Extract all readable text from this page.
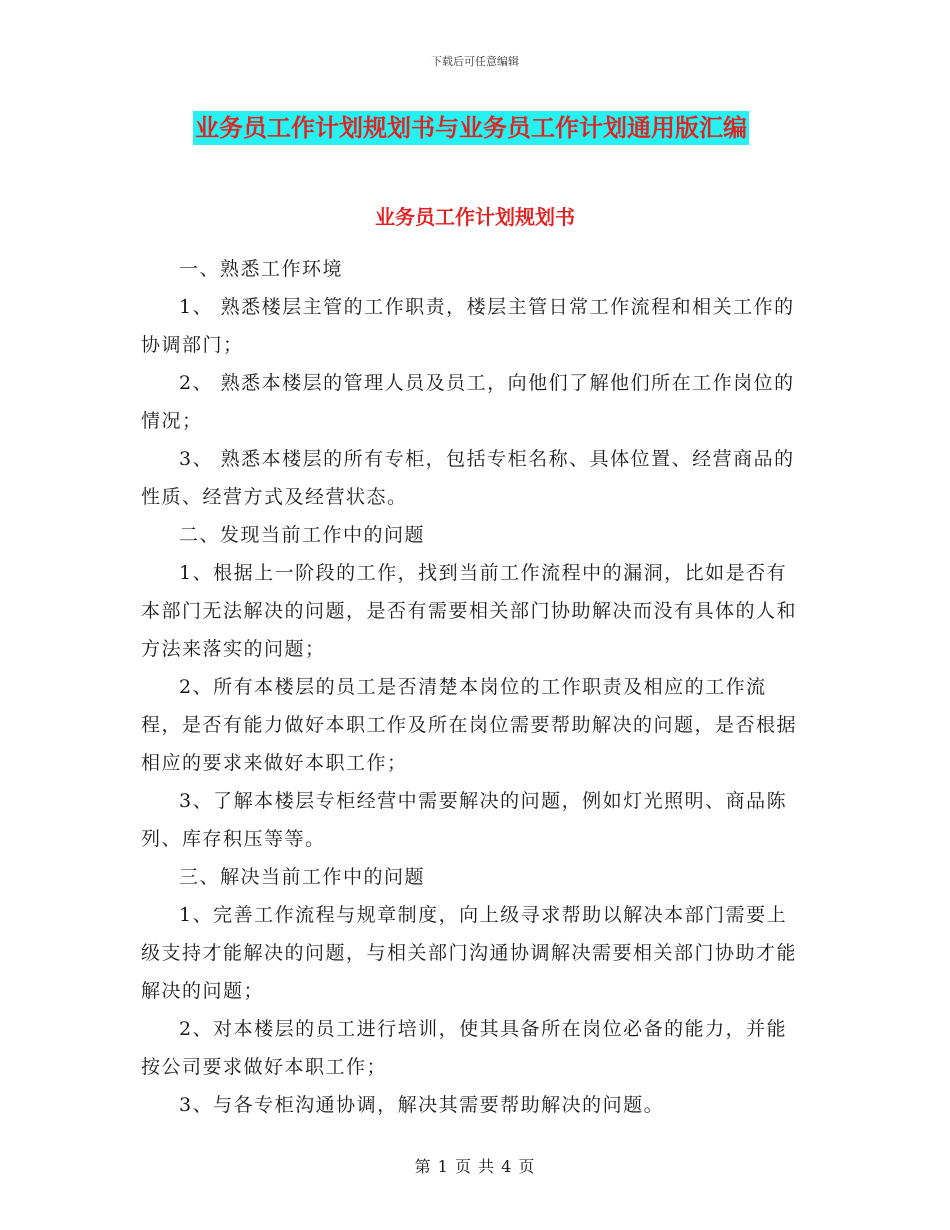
下载后可任意编辑
业务员工作计划规划书与业务员工作计划通用版汇编
业务员工作计划规划书

一、熟悉工作环境

1、 熟悉楼层主管的工作职责，楼层主管日常工作流程和相关工作的协调部门；

2、 熟悉本楼层的管理人员及员工，向他们了解他们所在工作岗位的情况；

3、 熟悉本楼层的所有专柜，包括专柜名称、具体位置、经营商品的性质、经营方式及经营状态。

二、发现当前工作中的问题

1、根据上一阶段的工作，找到当前工作流程中的漏洞，比如是否有本部门无法解决的问题，是否有需要相关部门协助解决而没有具体的人和方法来落实的问题；

2、所有本楼层的员工是否清楚本岗位的工作职责及相应的工作流程，是否有能力做好本职工作及所在岗位需要帮助解决的问题，是否根据相应的要求来做好本职工作；

3、了解本楼层专柜经营中需要解决的问题，例如灯光照明、商品陈列、库存积压等等。

三、解决当前工作中的问题

1、完善工作流程与规章制度，向上级寻求帮助以解决本部门需要上级支持才能解决的问题，与相关部门沟通协调解决需要相关部门协助才能解决的问题；

2、对本楼层的员工进行培训，使其具备所在岗位必备的能力，并能按公司要求做好本职工作；

3、与各专柜沟通协调，解决其需要帮助解决的问题。

第 1 页 共 4 页
